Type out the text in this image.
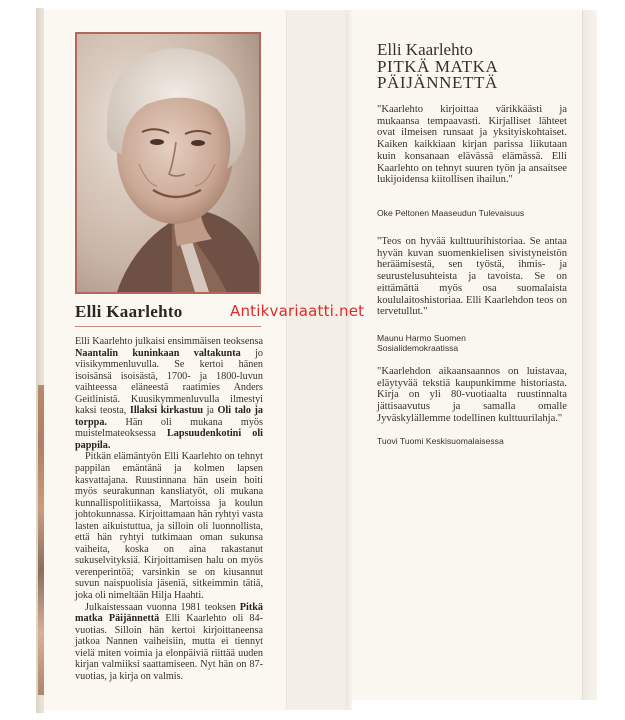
Elli Kaarlehto

Elli Kaarlehto julkaisi ensimmäisen teoksensa Naantalin kuninkaan valtakunta jo viisikymmenluvulla. Se kertoi hänen isoisänsä isoisästä, 1700- ja 1800-luvun vaihteessa eläneestä raatimies Anders Geitlinistä. Kuusikymmenluvulla ilmestyi kaksi teosta, Illaksi kirkastuu ja Oli talo ja torppa. Hän oli mukana myös muistelmateoksessa Lapsuudenkotini oli pappila.

Pitkän elämäntyön Elli Kaarlehto on tehnyt pappilan emäntänä ja kolmen lapsen kasvattajana. Ruustinnana hän usein hoiti myös seurakunnan kansliatyöt, oli mukana kunnallispolitiikassa, Martoissa ja koulun johtokunnassa. Kirjoittamaan hän ryhtyi vasta lasten aikuistuttua, ja silloin oli luonnollista, että hän ryhtyi tutkimaan oman sukunsa vaiheita, koska on aina rakastanut sukuselvityksiä. Kirjoittamisen halu on myös verenperintöä; varsinkin se on kiusannut suvun naispuolisia jäseniä, sitkeimmin tätiä, joka oli nimeltään Hilja Haahti.

Julkaistessaan vuonna 1981 teoksen Pitkä matka Päijännettä Elli Kaarlehto oli 84-vuotias. Silloin hän kertoi kirjoittaneensa jatkoa Nannen vaiheisiin, mutta ei tiennyt vielä miten voimia ja elonpäiviä riittää uuden kirjan valmiiksi saattamiseen. Nyt hän on 87-vuotias, ja kirja on valmis.

Antikvariaatti.net
Elli Kaarlehto
PITKÄ MATKA PÄIJÄNNETTÄ
"Kaarlehto kirjoittaa värikkäästi ja mukaansa tempaavasti. Kirjalliset lähteet ovat ilmeisen runsaat ja yksityiskohtaiset. Kaiken kaikkiaan kirjan parissa liikutaan kuin konsanaan elävässä elämässä. Elli Kaarlehto on tehnyt suuren työn ja ansaitsee lukijoidensa kiitollisen ihailun."
Oke Peltonen Maaseudun Tulevaisuus
"Teos on hyvää kulttuurihistoriaa. Se antaa hyvän kuvan suomenkielisen sivistyneistön heräämisestä, sen työstä, ihmis- ja seurustelusuhteista ja tavoista. Se on eittämättä myös osa suomalaista koululaitoshistoriaa. Elli Kaarlehdon teos on tervetullut."
Maunu Harmo Suomen Sosialidemokraatissa
"Kaarlehdon aikaansaannos on luistavaa, eläytyvää tekstiä kaupunkimme historiasta. Kirja on yli 80-vuotiaalta ruustinnalta jättisaavutus ja samalla omalle Jyväskylällemme todellinen kulttuurilahja."
Tuovi Tuomi Keskisuomalaisessa
